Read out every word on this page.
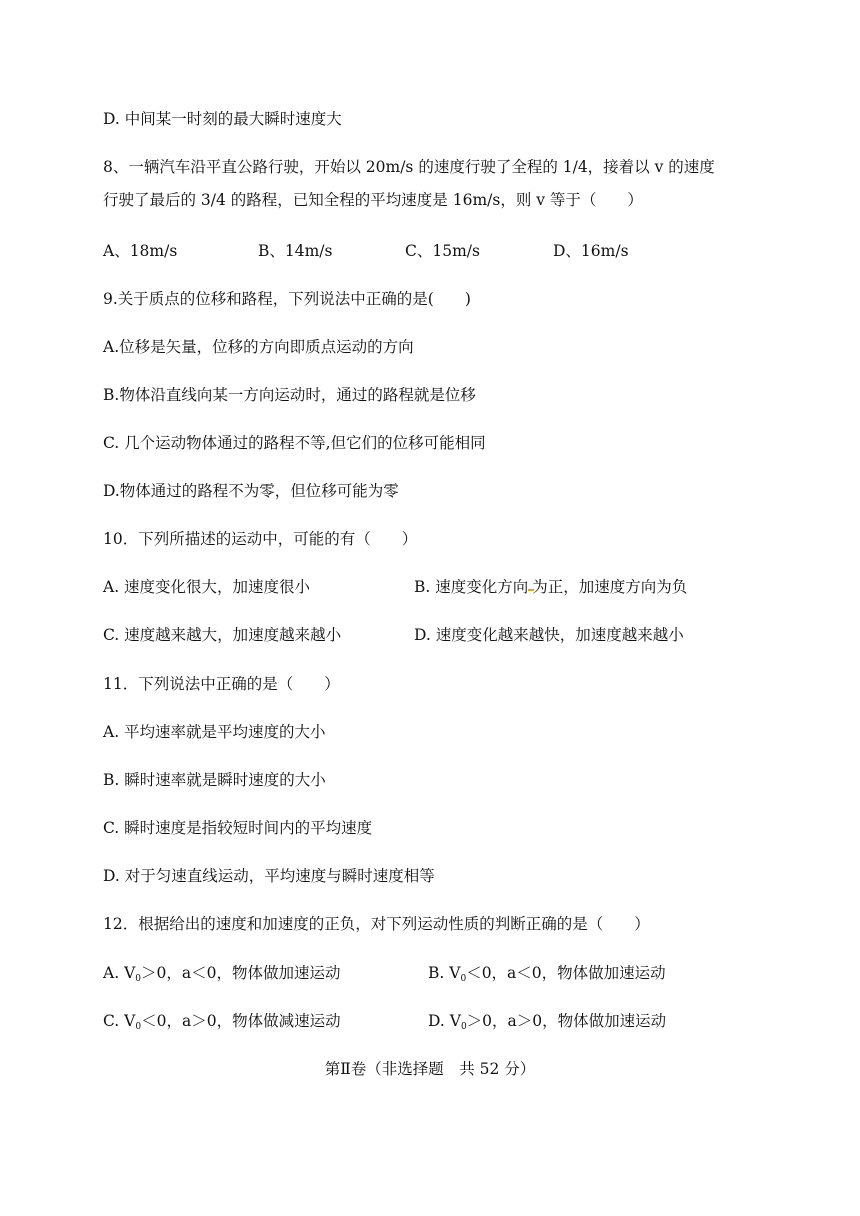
D. 中间某一时刻的最大瞬时速度大
8、一辆汽车沿平直公路行驶，开始以 20m/s 的速度行驶了全程的 1/4，接着以 v 的速度
行驶了最后的 3/4 的路程，已知全程的平均速度是 16m/s，则 v 等于（　　）
A、18m/s	B、14m/s	C、15m/s	D、16m/s
9.关于质点的位移和路程，下列说法中正确的是(　　)
A.位移是矢量，位移的方向即质点运动的方向
B.物体沿直线向某一方向运动时，通过的路程就是位移
C. 几个运动物体通过的路程不等,但它们的位移可能相同
D.物体通过的路程不为零，但位移可能为零
10．下列所描述的运动中，可能的有（　　）
A. 速度变化很大，加速度很小	B. 速度变化方向 为正，加速度方向为负
C. 速度越来越大，加速度越来越小	D. 速度变化越来越快，加速度越来越小
11．下列说法中正确的是（　　）
A. 平均速率就是平均速度的大小
B. 瞬时速率就是瞬时速度的大小
C. 瞬时速度是指较短时间内的平均速度
D. 对于匀速直线运动，平均速度与瞬时速度相等
12．根据给出的速度和加速度的正负，对下列运动性质的判断正确的是（　　）
A. $V_0>0$，a＜0，物体做加速运动	B. $V_0<0$，a＜0，物体做加速运动
C. $V_0<0$，a＞0，物体做减速运动	D. $V_0>0$，a＞0，物体做加速运动
第Ⅱ卷（非选择题　共 52 分）
